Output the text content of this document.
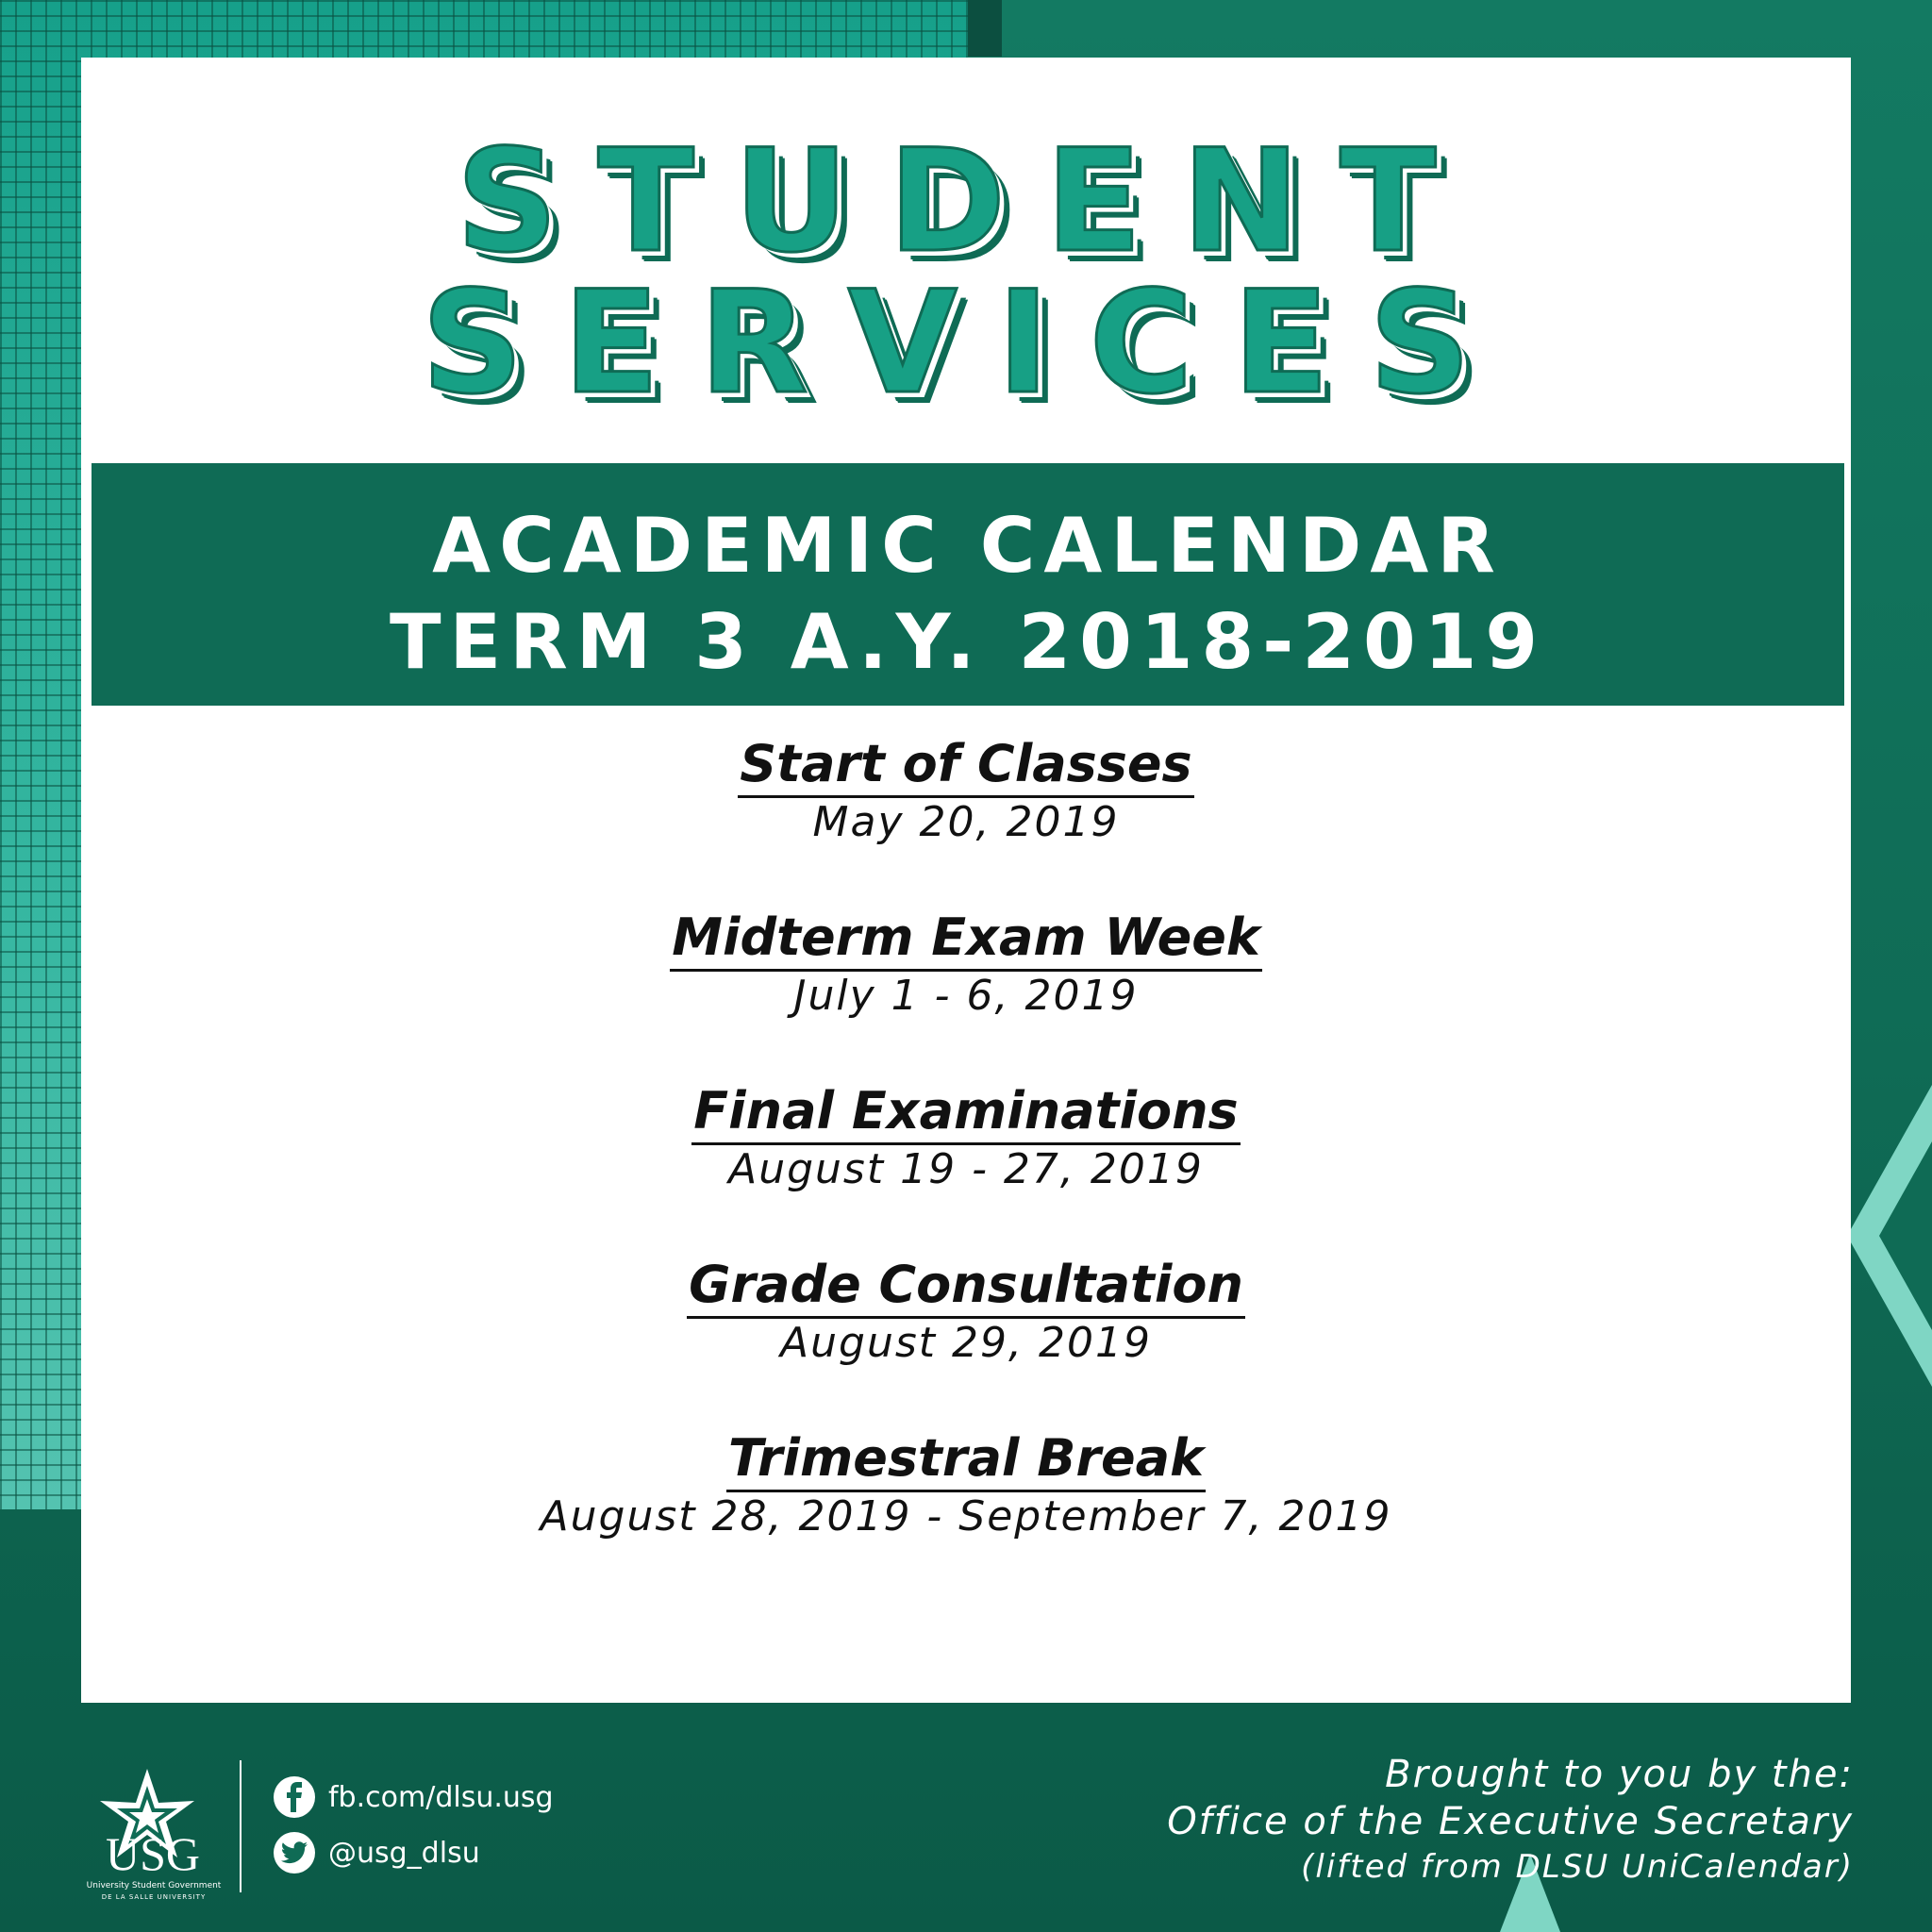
STUDENT
SERVICES
ACADEMIC CALENDAR
TERM 3 A.Y. 2018-2019
Start of Classes
May 20, 2019
Midterm Exam Week
July 1 - 6, 2019
Final Examinations
August 19 - 27, 2019
Grade Consultation
August 29, 2019
Trimestral Break
August 28, 2019 - September 7, 2019
USG
University Student Government
DE LA SALLE UNIVERSITY
fb.com/dlsu.usg
@usg_dlsu
Brought to you by the:
Office of the Executive Secretary
(lifted from DLSU UniCalendar)
